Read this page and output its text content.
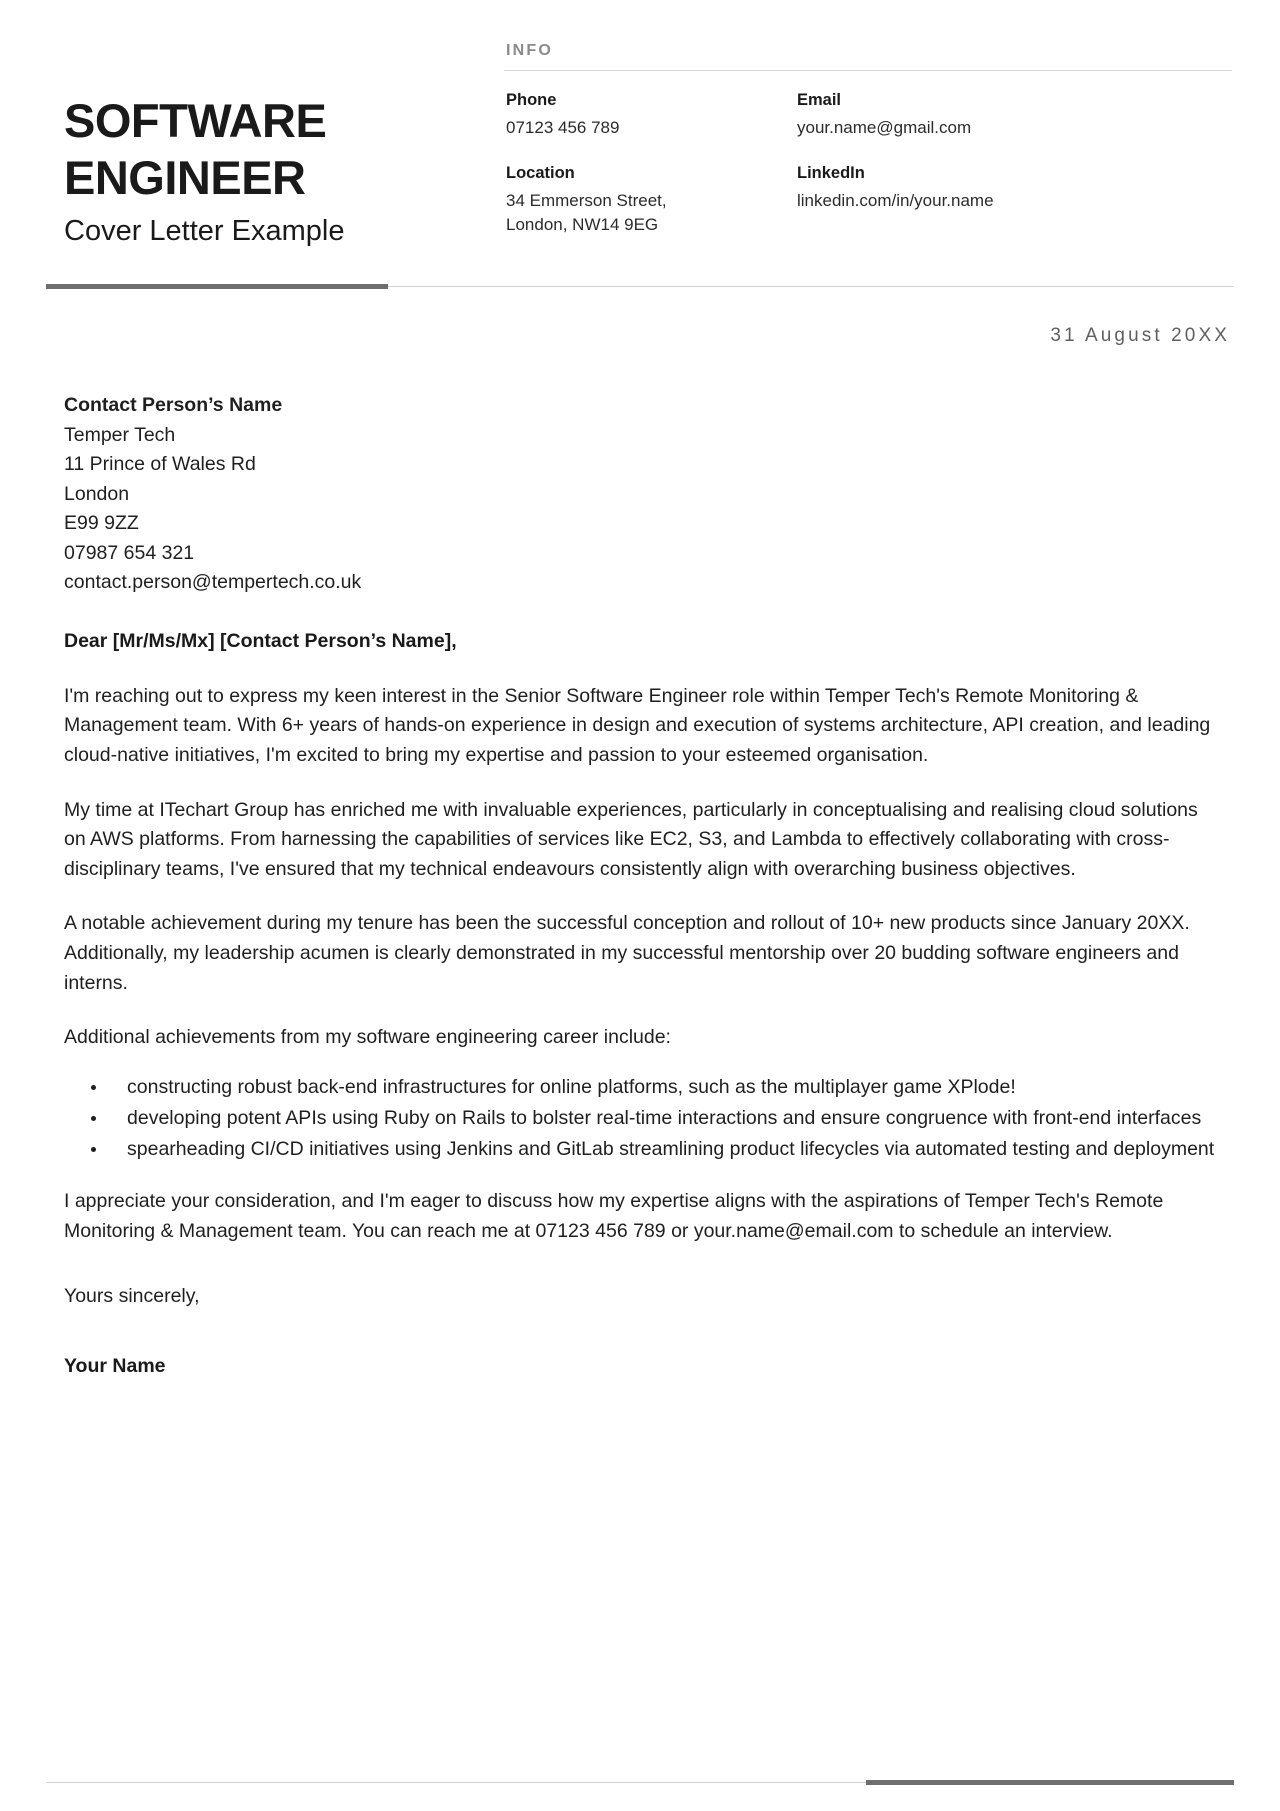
SOFTWARE
ENGINEER
Cover Letter Example
INFO
Phone
07123 456 789
Email
your.name@gmail.com
Location
34 Emmerson Street,
London, NW14 9EG
LinkedIn
linkedin.com/in/your.name
31 August 20XX
Contact Person’s Name
Temper Tech
11 Prince of Wales Rd
London
E99 9ZZ
07987 654 321
contact.person@tempertech.co.uk
Dear [Mr/Ms/Mx] [Contact Person’s Name],

I'm reaching out to express my keen interest in the Senior Software Engineer role within Temper Tech's Remote Monitoring & Management team. With 6+ years of hands-on experience in design and execution of systems architecture, API creation, and leading cloud-native initiatives, I'm excited to bring my expertise and passion to your esteemed organisation.

My time at ITechart Group has enriched me with invaluable experiences, particularly in conceptualising and realising cloud solutions on AWS platforms. From harnessing the capabilities of services like EC2, S3, and Lambda to effectively collaborating with cross-disciplinary teams, I've ensured that my technical endeavours consistently align with overarching business objectives.

A notable achievement during my tenure has been the successful conception and rollout of 10+ new products since January 20XX. Additionally, my leadership acumen is clearly demonstrated in my successful mentorship over 20 budding software engineers and interns.

Additional achievements from my software engineering career include:

constructing robust back-end infrastructures for online platforms, such as the multiplayer game XPlode!
developing potent APIs using Ruby on Rails to bolster real-time interactions and ensure congruence with front-end interfaces
spearheading CI/CD initiatives using Jenkins and GitLab streamlining product lifecycles via automated testing and deployment

I appreciate your consideration, and I'm eager to discuss how my expertise aligns with the aspirations of Temper Tech's Remote Monitoring & Management team. You can reach me at 07123 456 789 or your.name@email.com to schedule an interview.

Yours sincerely,
Your Name
